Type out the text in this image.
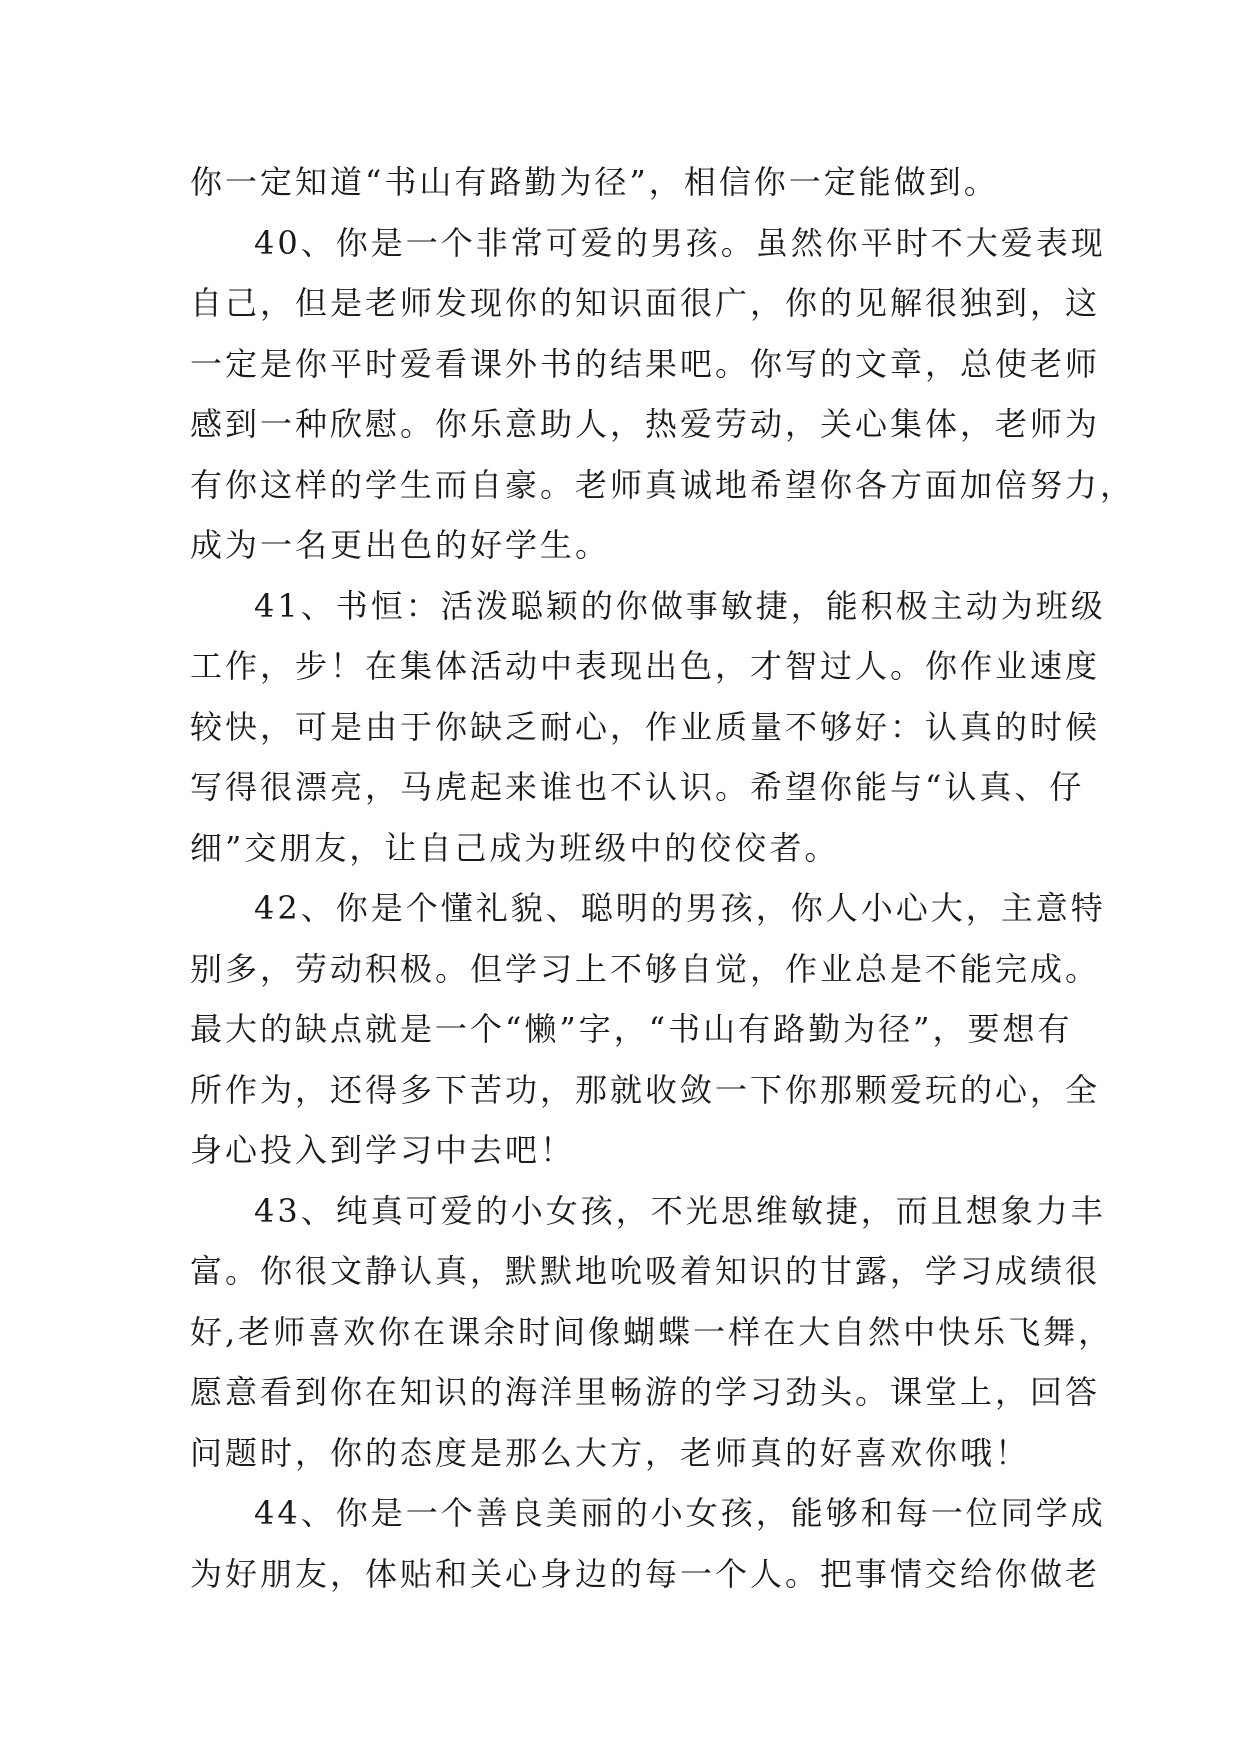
你一定知道“书山有路勤为径”，相信你一定能做到。
40、你是一个非常可爱的男孩。虽然你平时不大爱表现
自己，但是老师发现你的知识面很广，你的见解很独到，这
一定是你平时爱看课外书的结果吧。你写的文章，总使老师
感到一种欣慰。你乐意助人，热爱劳动，关心集体，老师为
有你这样的学生而自豪。老师真诚地希望你各方面加倍努力，
成为一名更出色的好学生。
41、书恒：活泼聪颖的你做事敏捷，能积极主动为班级
工作，步！在集体活动中表现出色，才智过人。你作业速度
较快，可是由于你缺乏耐心，作业质量不够好：认真的时候
写得很漂亮，马虎起来谁也不认识。希望你能与“认真、仔
细”交朋友，让自己成为班级中的佼佼者。
42、你是个懂礼貌、聪明的男孩，你人小心大，主意特
别多，劳动积极。但学习上不够自觉，作业总是不能完成。
最大的缺点就是一个“懒”字，“书山有路勤为径”，要想有
所作为，还得多下苦功，那就收敛一下你那颗爱玩的心，全
身心投入到学习中去吧！
43、纯真可爱的小女孩，不光思维敏捷，而且想象力丰
富。你很文静认真，默默地吮吸着知识的甘露，学习成绩很
好,老师喜欢你在课余时间像蝴蝶一样在大自然中快乐飞舞，
愿意看到你在知识的海洋里畅游的学习劲头。课堂上，回答
问题时，你的态度是那么大方，老师真的好喜欢你哦！
44、你是一个善良美丽的小女孩，能够和每一位同学成
为好朋友，体贴和关心身边的每一个人。把事情交给你做老
